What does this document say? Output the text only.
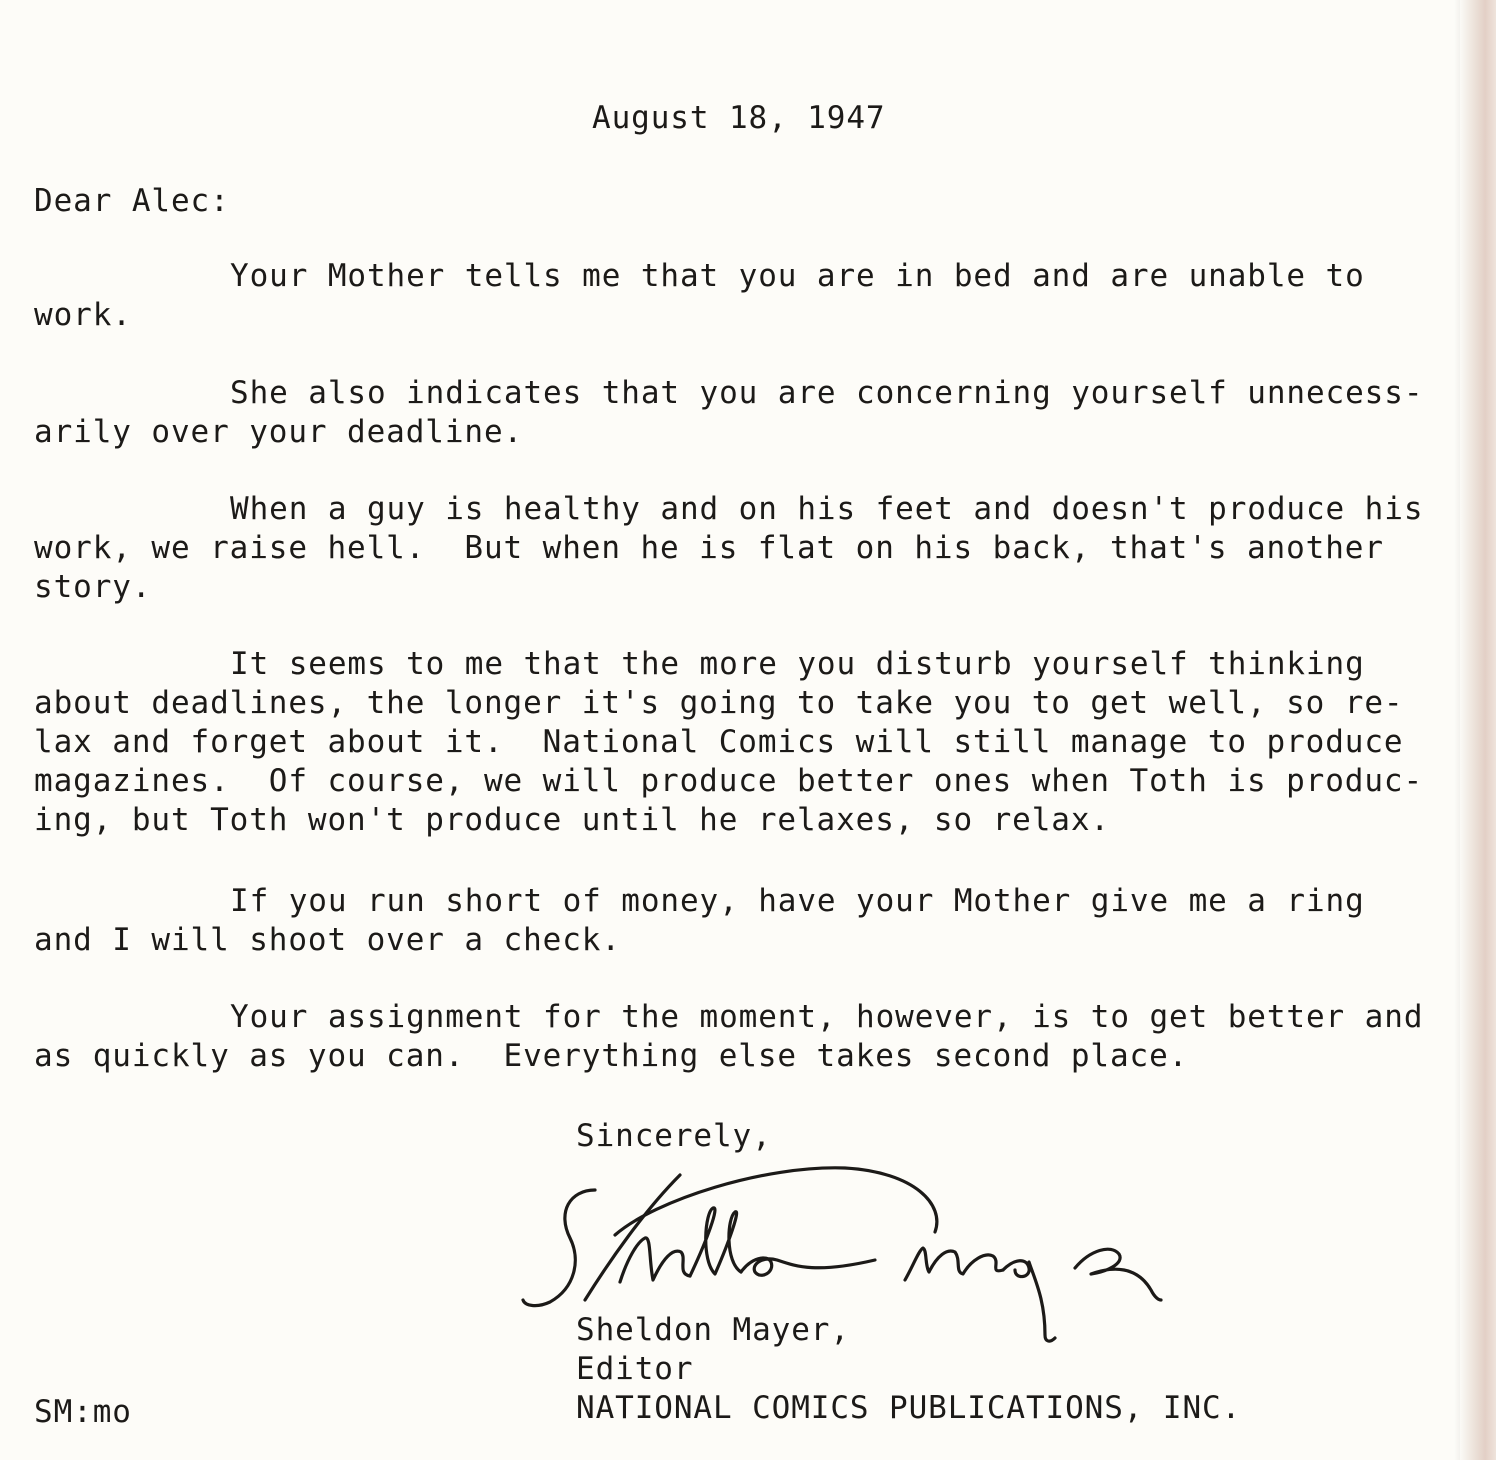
August 18, 1947
Dear Alec:
Your Mother tells me that you are in bed and are unable to
work.
She also indicates that you are concerning yourself unnecess-
arily over your deadline.
When a guy is healthy and on his feet and doesn't produce his
work, we raise hell.  But when he is flat on his back, that's another
story.
It seems to me that the more you disturb yourself thinking
about deadlines, the longer it's going to take you to get well, so re-
lax and forget about it.  National Comics will still manage to produce
magazines.  Of course, we will produce better ones when Toth is produc-
ing, but Toth won't produce until he relaxes, so relax.
If you run short of money, have your Mother give me a ring
and I will shoot over a check.
Your assignment for the moment, however, is to get better and
as quickly as you can.  Everything else takes second place.
Sincerely,
Sheldon Mayer,
Editor
NATIONAL COMICS PUBLICATIONS, INC.
SM:mo
